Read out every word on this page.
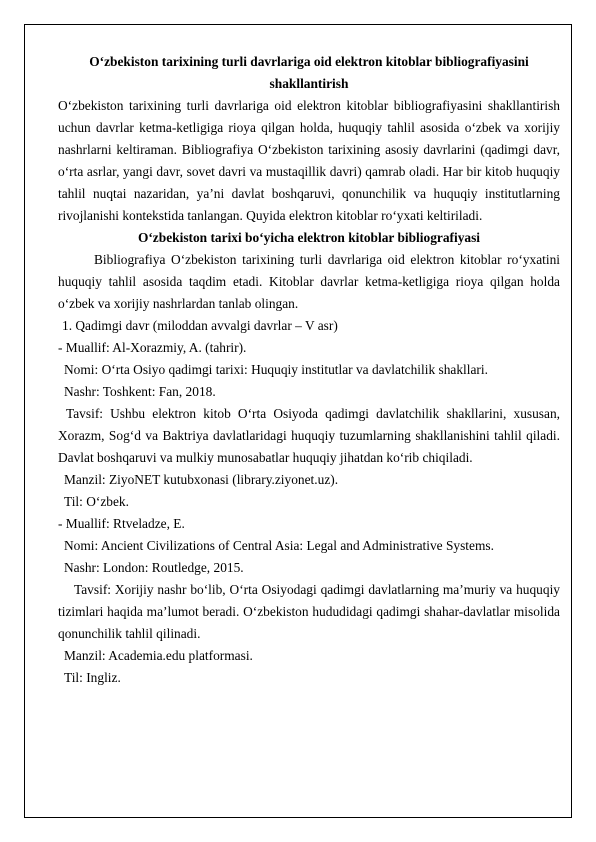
O‘zbekiston tarixining turli davrlariga oid elektron kitoblar bibliografiyasini shakllantirish

O‘zbekiston tarixining turli davrlariga oid elektron kitoblar bibliografiyasini shakllantirish uchun davrlar ketma-ketligiga rioya qilgan holda, huquqiy tahlil asosida o‘zbek va xorijiy nashrlarni keltiraman. Bibliografiya O‘zbekiston tarixining asosiy davrlarini (qadimgi davr, o‘rta asrlar, yangi davr, sovet davri va mustaqillik davri) qamrab oladi. Har bir kitob huquqiy tahlil nuqtai nazaridan, ya’ni davlat boshqaruvi, qonunchilik va huquqiy institutlarning rivojlanishi kontekstida tanlangan. Quyida elektron kitoblar ro‘yxati keltiriladi.

O‘zbekiston tarixi bo‘yicha elektron kitoblar bibliografiyasi

Bibliografiya O‘zbekiston tarixining turli davrlariga oid elektron kitoblar ro‘yxatini huquqiy tahlil asosida taqdim etadi. Kitoblar davrlar ketma-ketligiga rioya qilgan holda o‘zbek va xorijiy nashrlardan tanlab olingan.

1. Qadimgi davr (miloddan avvalgi davrlar – V asr)

- Muallif: Al-Xorazmiy, A. (tahrir).

Nomi: O‘rta Osiyo qadimgi tarixi: Huquqiy institutlar va davlatchilik shakllari.

Nashr: Toshkent: Fan, 2018.

Tavsif: Ushbu elektron kitob O‘rta Osiyoda qadimgi davlatchilik shakllarini, xususan, Xorazm, Sog‘d va Baktriya davlatlaridagi huquqiy tuzumlarning shakllanishini tahlil qiladi. Davlat boshqaruvi va mulkiy munosabatlar huquqiy jihatdan ko‘rib chiqiladi.

Manzil: ZiyoNET kutubxonasi (library.ziyonet.uz).

Til: O‘zbek.

- Muallif: Rtveladze, E.

Nomi: Ancient Civilizations of Central Asia: Legal and Administrative Systems.

Nashr: London: Routledge, 2015.

Tavsif: Xorijiy nashr bo‘lib, O‘rta Osiyodagi qadimgi davlatlarning ma’muriy va huquqiy tizimlari haqida ma’lumot beradi. O‘zbekiston hududidagi qadimgi shahar-davlatlar misolida qonunchilik tahlil qilinadi.

Manzil: Academia.edu platformasi.

Til: Ingliz.
